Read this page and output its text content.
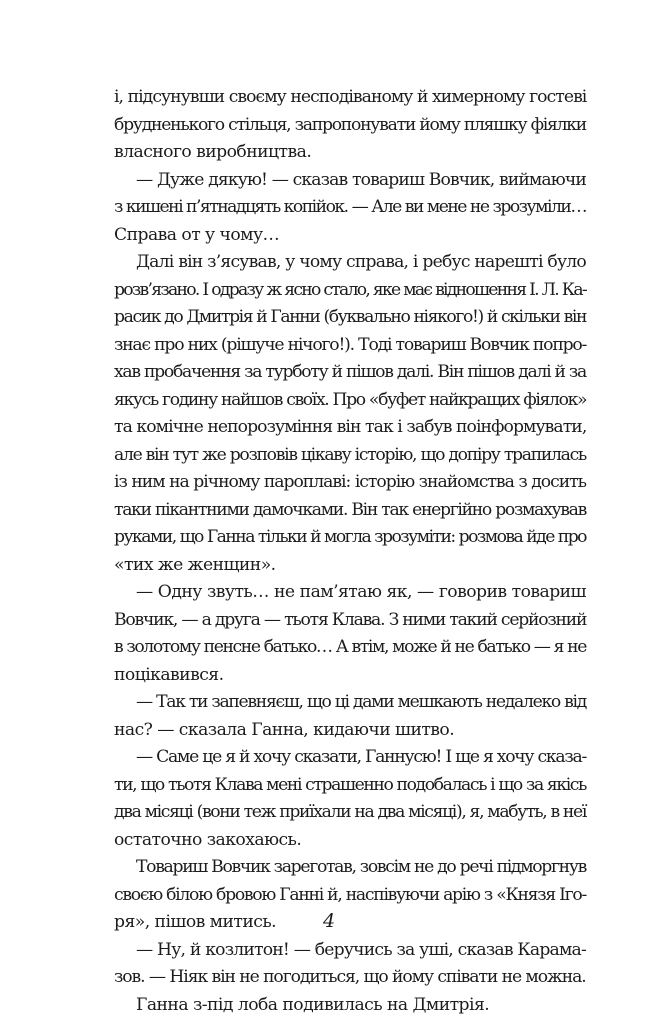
і, підсунувши своєму несподіваному й химерному гостеві
брудненького стільця, запропонувати йому пляшку фіялки
власного виробництва.
— Дуже дякую! — сказав товариш Вовчик, виймаючи
з кишені п’ятнадцять копійок. — Але ви мене не зрозуміли…
Справа от у чому…
Далі він з’ясував, у чому справа, і ребус нарешті було
розв’язано. І одразу ж ясно стало, яке має відношення І. Л. Ка-
расик до Дмитрія й Ганни (буквально ніякого!) й скільки він
знає про них (рішуче нічого!). Тоді товариш Вовчик попро-
хав пробачення за турботу й пішов далі. Він пішов далі й за
якусь годину найшов своїх. Про «буфет найкращих фіялок»
та комічне непорозуміння він так і забув поінформувати,
але він тут же розповів цікаву історію, що допіру трапилась
із ним на річному пароплаві: історію знайомства з досить
таки пікантними дамочками. Він так енергійно розмахував
руками, що Ганна тільки й могла зрозуміти: розмова йде про
«тих же женщин».
— Одну звуть… не пам’ятаю як, — говорив товариш
Вовчик, — а друга — тьотя Клава. З ними такий серйозний
в золотому пенсне батько… А втім, може й не батько — я не
поцікавився.
— Так ти запевняєш, що ці дами мешкають недалеко від
нас? — сказала Ганна, кидаючи шитво.
— Саме це я й хочу сказати, Ганнусю! І ще я хочу сказа-
ти, що тьотя Клава мені страшенно подобалась і що за якісь
два місяці (вони теж приїхали на два місяці), я, мабуть, в неї
остаточно закохаюсь.
Товариш Вовчик зареготав, зовсім не до речі підморгнув
своєю білою бровою Ганні й, наспівуючи арію з «Князя Іго-
ря», пішов митись.
— Ну, й козлитон! — беручись за уші, сказав Карама-
зов. — Ніяк він не погодиться, що йому співати не можна.
Ганна з-під лоба подивилась на Дмитрія.
4
